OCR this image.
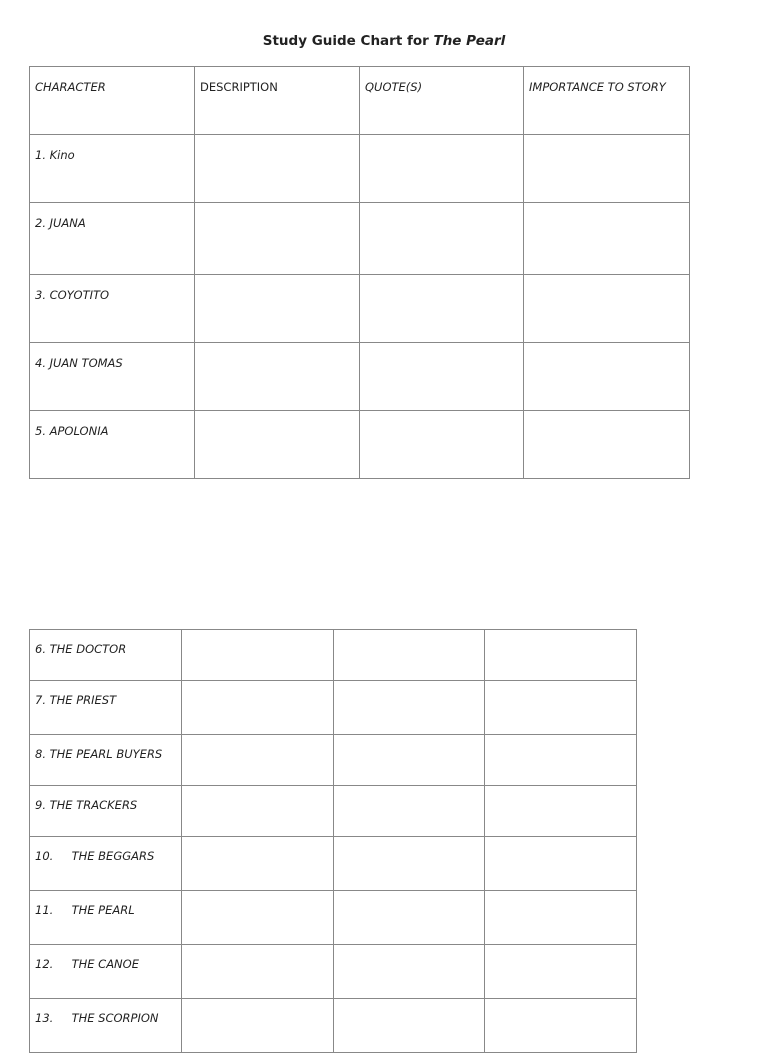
Study Guide Chart for The Pearl
CHARACTER	DESCRIPTION	QUOTE(S)	IMPORTANCE TO STORY
1. Kino			
2. JUANA			
3. COYOTITO			
4. JUAN TOMAS			
5. APOLONIA			
6. THE DOCTOR			
7. THE PRIEST			
8. THE PEARL BUYERS			
9. THE TRACKERS			
10.     THE BEGGARS			
11.     THE PEARL			
12.     THE CANOE			
13.     THE SCORPION			
